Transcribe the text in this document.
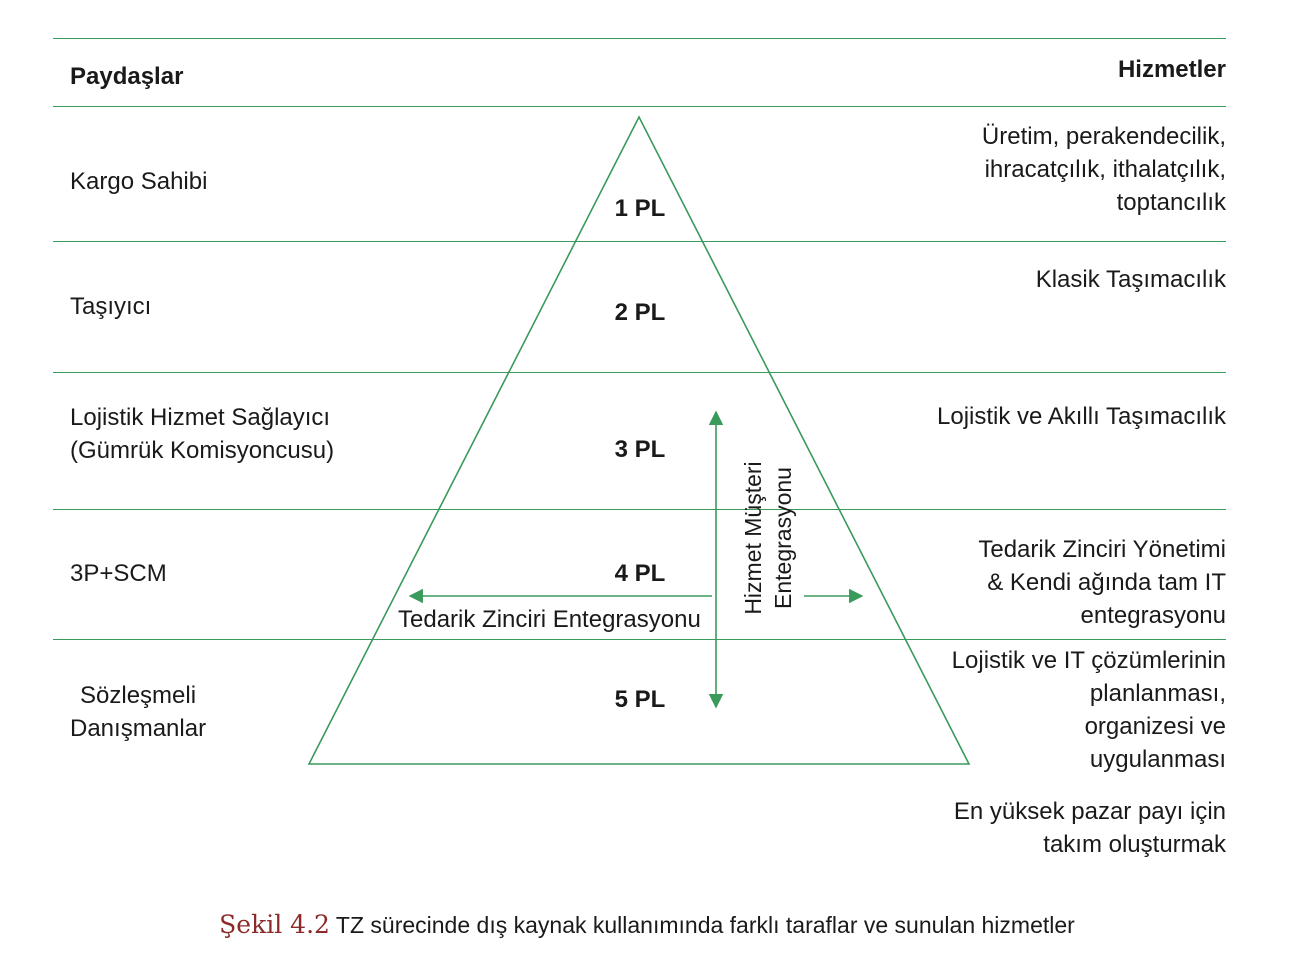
Paydaşlar	Hizmetler
Kargo Sahibi
Taşıyıcı
Lojistik Hizmet Sağlayıcı
(Gümrük Komisyoncusu)
3P+SCM
Sözleşmeli
Danışmanlar
1 PL
2 PL
3 PL
4 PL
5 PL
Üretim, perakendecilik,
ihracatçılık, ithalatçılık,
toptancılık
Klasik Taşımacılık
Lojistik ve Akıllı Taşımacılık
Tedarik Zinciri Yönetimi
& Kendi ağında tam IT
entegrasyonu
Lojistik ve IT çözümlerinin
planlanması,
organizesi ve
uygulanması
En yüksek pazar payı için
takım oluşturmak
Tedarik Zinciri Entegrasyonu
Hizmet Müşteri
Entegrasyonu
Şekil 4.2 TZ sürecinde dış kaynak kullanımında farklı taraflar ve sunulan hizmetler
